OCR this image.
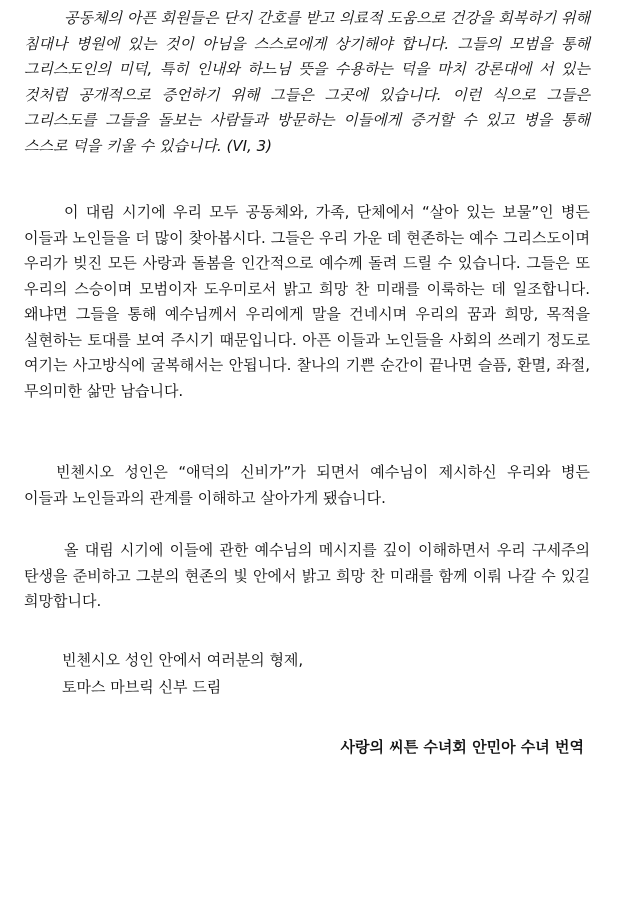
공동체의 아픈 회원들은 단지 간호를 받고 의료적 도움으로 건강을 회복하기 위해 침대나 병원에 있는 것이 아님을 스스로에게 상기해야 합니다. 그들의 모범을 통해 그리스도인의 미덕, 특히 인내와 하느님 뜻을 수용하는 덕을 마치 강론대에 서 있는 것처럼 공개적으로 증언하기 위해 그들은 그곳에 있습니다. 이런 식으로 그들은 그리스도를 그들을 돌보는 사람들과 방문하는 이들에게 증거할 수 있고 병을 통해 스스로 덕을 키울 수 있습니다. (VI, 3)

이 대림 시기에 우리 모두 공동체와, 가족, 단체에서 “살아 있는 보물”인 병든 이들과 노인들을 더 많이 찾아봅시다. 그들은 우리 가운 데 현존하는 예수 그리스도이며 우리가 빚진 모든 사랑과 돌봄을 인간적으로 예수께 돌려 드릴 수 있습니다. 그들은 또 우리의 스승이며 모범이자 도우미로서 밝고 희망 찬 미래를 이룩하는 데 일조합니다. 왜냐면 그들을 통해 예수님께서 우리에게 말을 건네시며 우리의 꿈과 희망, 목적을 실현하는 토대를 보여 주시기 때문입니다. 아픈 이들과 노인들을 사회의 쓰레기 정도로 여기는 사고방식에 굴복해서는 안됩니다. 찰나의 기쁜 순간이 끝나면 슬픔, 환멸, 좌절, 무의미한 삶만 남습니다.

빈첸시오 성인은 “애덕의 신비가”가 되면서 예수님이 제시하신 우리와 병든 이들과 노인들과의 관계를 이해하고 살아가게 됐습니다.

올 대림 시기에 이들에 관한 예수님의 메시지를 깊이 이해하면서 우리 구세주의 탄생을 준비하고 그분의 현존의 빛 안에서 밝고 희망 찬 미래를 함께 이뤄 나갈 수 있길 희망합니다.

빈첸시오 성인 안에서 여러분의 형제,

토마스 마브릭 신부 드림

사랑의 씨튼 수녀회 안민아 수녀 번역
